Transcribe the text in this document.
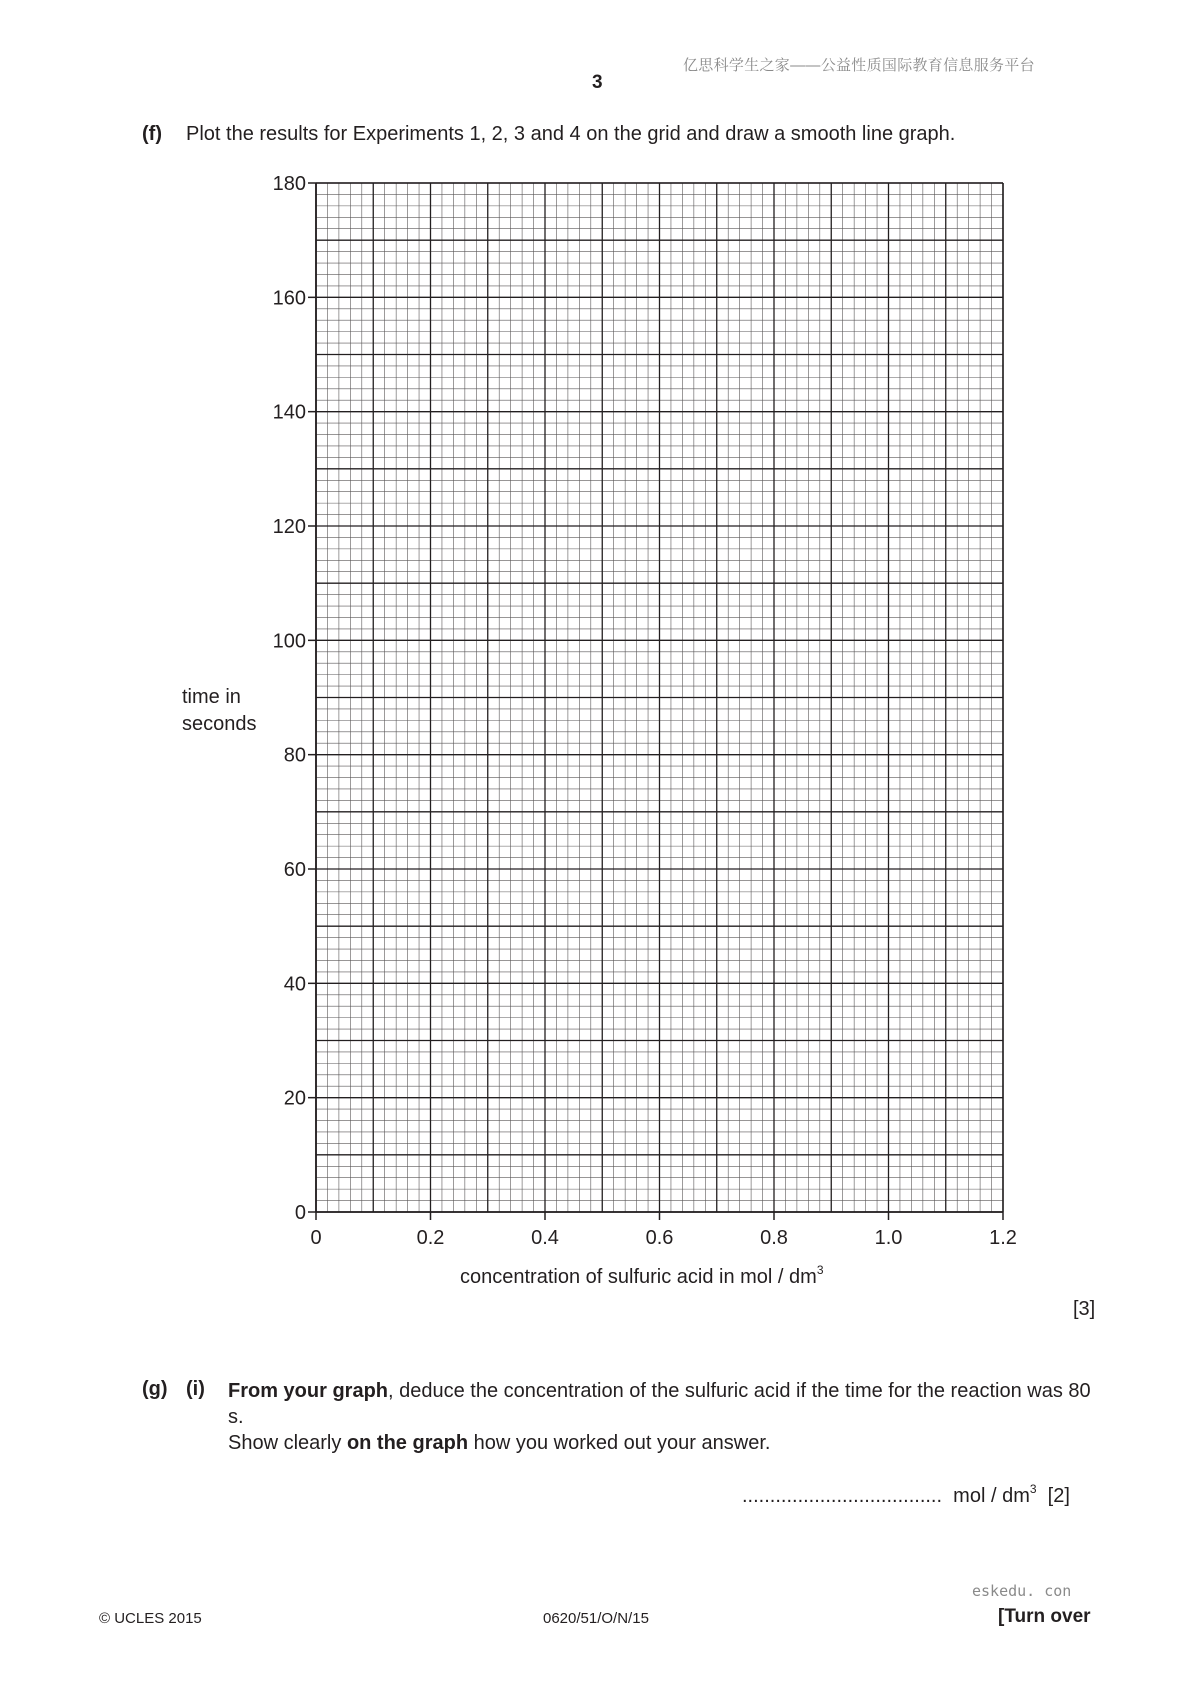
亿思科学生之家——公益性质国际教育信息服务平台
3
(f) Plot the results for Experiments 1, 2, 3 and 4 on the grid and draw a smooth line graph.
0
20
40
60
80
100
120
140
160
180
0	0.2	0.4	0.6	0.8	1.0	1.2
time in
seconds
concentration of sulfuric acid in mol / $dm^3$
[3]
(g) (i) From your graph, deduce the concentration of the sulfuric acid if the time for the reaction was 80 s.
Show clearly on the graph how you worked out your answer.
.................................... mol / $dm^3$ [2]
eskedu. con
© UCLES 2015	0620/51/O/N/15	[Turn over
